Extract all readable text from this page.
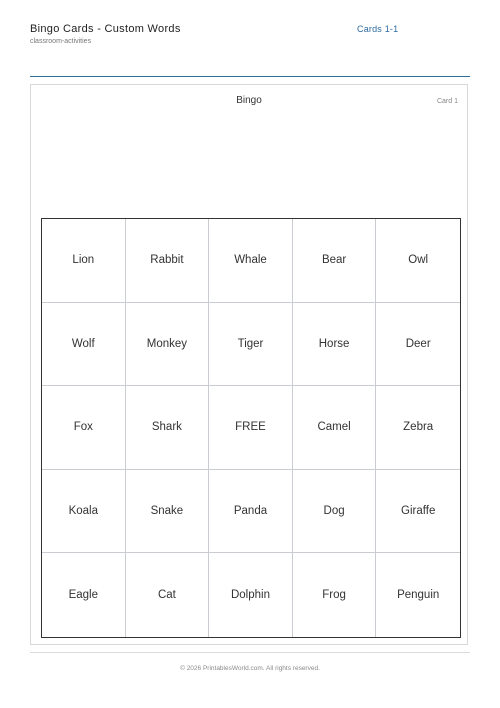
Bingo Cards - Custom Words
classroom-activities
Cards 1-1
Bingo	Card 1
Lion	Rabbit	Whale	Bear	Owl
Wolf	Monkey	Tiger	Horse	Deer
Fox	Shark	FREE	Camel	Zebra
Koala	Snake	Panda	Dog	Giraffe
Eagle	Cat	Dolphin	Frog	Penguin
© 2026 PrintablesWorld.com. All rights reserved.
